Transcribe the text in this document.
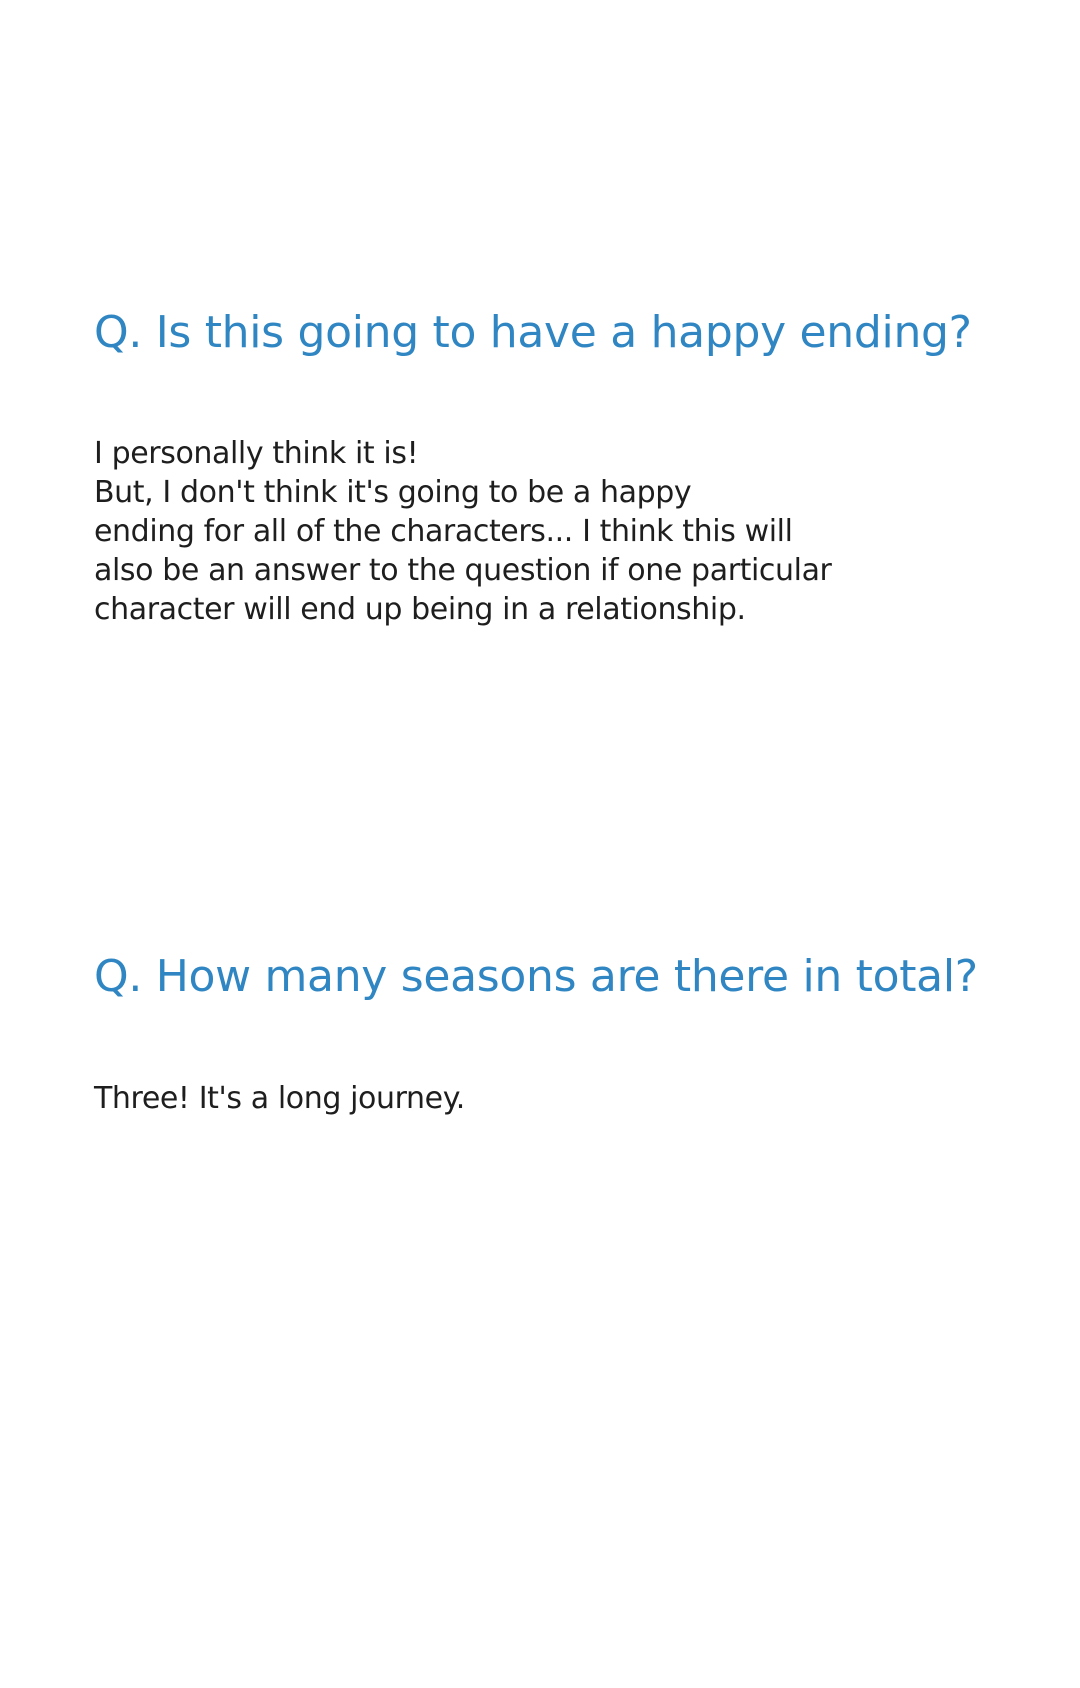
Q. Is this going to have a happy ending?
I personally think it is!
But, I don't think it's going to be a happy
ending for all of the characters... I think this will
also be an answer to the question if one particular
character will end up being in a relationship.
Q. How many seasons are there in total?
Three! It's a long journey.
